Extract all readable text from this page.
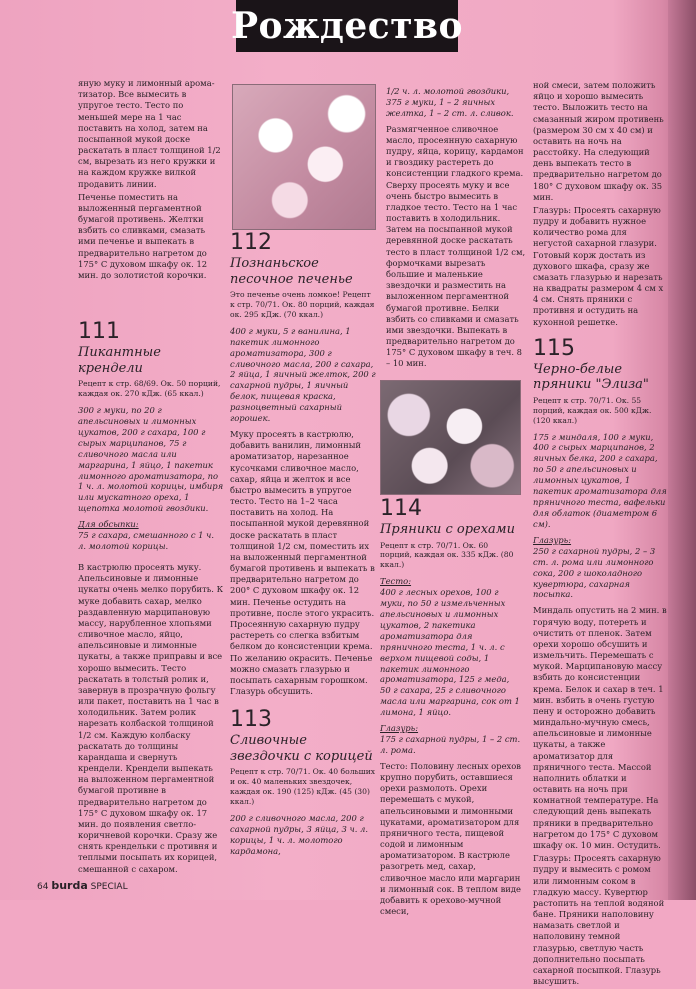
Рождество

яную муку и лимонный аромa-тизатор. Все вымесить в упругое тесто. Тесто по меньшей мере на 1 час поставить на холод, затем на посыпанной мукой доске раскатать в пласт толщиной 1/2 см, вырезать из него кружки и на каждом кружке вилкой продавить линии.

Печенье поместить на выложенный пергаментной бумагой противень. Желтки взбить со сливками, смазать ими печенье и выпекать в предварительно нагретом до 175° С духовом шкафу ок. 12 мин. до золотистой корочки.

111
Пикантные крендели
Рецепт к стр. 68/69. Ок. 50 порций, каждая ок. 270 кДж. (65 ккал.)
300 г муки, по 20 г апельсиновых и лимонных цукатов, 200 г сахара, 100 г сырых марципанов, 75 г сливочного масла или маргарина, 1 яйцо, 1 пакетик лимонного ароматизатора, по 1 ч. л. молотой корицы, имбиря или мускатного ореха, 1 щепотка молотой гвоздики.
Для обсыпки:
75 г сахара, смешанного с 1 ч. л. молотой корицы.

В кастрюлю просеять муку. Апельсиновые и лимонные цукаты очень мелко порубить. К муке добавить сахар, мелко раздавленную марципановую массу, нарубленное хлопьями сливочное масло, яйцо, апельсиновые и лимонные цукаты, а также приправы и все хорошо вымесить. Тесто раскатать в толстый ролик и, завернув в прозрачную фольгу или пакет, поставить на 1 час в холодильник. Затем ролик нарезать колбаской толщиной 1/2 см. Каждую колбаску раскатать до толщины карандаша и свернуть крендели. Крендели выпекать на выложенном пергаментной бумагой противне в предварительно нагретом до 175° С духовом шкафу ок. 17 мин. до появления светло-коричневой корочки. Сразу же снять крендельки с противня и теплыми посыпать их корицей, смешанной с сахаром.

112
Познаньское песочное печенье
Это печенье очень ломкое! Рецепт к стр. 70/71. Ок. 80 порций, каждая ок. 295 кДж. (70 ккал.)
400 г муки, 5 г ванилина, 1 пакетик лимонного ароматизатора, 300 г сливочного масла, 200 г сахара, 2 яйца, 1 яичный желток, 200 г сахарной пудры, 1 яичный белок, пищевая краска, разноцветный сахарный горошек.

Муку просеять в кастрюлю, добавить ванилин, лимонный ароматизатор, нарезанное кусочками сливочное масло, сахар, яйца и желток и все быстро вымесить в упругое тесто. Тесто на 1–2 часа поставить на холод. На посыпанной мукой деревянной доске раскатать в пласт толщиной 1/2 см, поместить их на выложенный пергаментной бумагой противень и выпекать в предварительно нагретом до 200° С духовом шкафу ок. 12 мин. Печенье остудить на противне, после этого украсить. Просеянную сахарную пудру растереть со слегка взбитым белком до консистенции крема. По желанию окрасить. Печенье можно смазать глазурью и посыпать сахарным горошком. Глазурь обсушить.

113
Сливочные звездочки с корицей
Рецепт к стр. 70/71. Ок. 40 больших и ок. 40 маленьких звездочек, каждая ок. 190 (125) кДж. (45 (30) ккал.)
200 г сливочного масла, 200 г сахарной пудры, 3 яйца, 3 ч. л. корицы, 1 ч. л. молотого кардамона,
1/2 ч. л. молотой гвоздики, 375 г муки, 1 – 2 яичных желтка, 1 – 2 ст. л. сливок.

Размягченное сливочное масло, просеянную сахарную пудру, яйца, корицу, кардамон и гвоздику растереть до консистенции гладкого крема. Сверху просеять муку и все очень быстро вымесить в гладкое тесто. Тесто на 1 час поставить в холодильник. Затем на посыпанной мукой деревянной доске раскатать тесто в пласт толщиной 1/2 см, формочками вырезать большие и маленькие звездочки и разместить на выложенном пергаментной бумагой противне. Белки взбить со сливками и смазать ими звездочки. Выпекать в предварительно нагретом до 175° С духовом шкафу в теч. 8 – 10 мин.

114
Пряники с орехами
Рецепт к стр. 70/71. Ок. 60 порций, каждая ок. 335 кДж. (80 ккал.)
Тесто:
400 г лесных орехов, 100 г муки, по 50 г измельченных апельсиновых и лимонных цукатов, 2 пакетика ароматизатора для пряничного теста, 1 ч. л. с верхом пищевой соды, 1 пакетик лимонного ароматизатора, 125 г меда, 50 г сахара, 25 г сливочного масла или маргарина, сок от 1 лимона, 1 яйцо.
Глазурь:
175 г сахарной пудры, 1 – 2 ст. л. рома.

Тесто: Половину лесных орехов крупно порубить, оставшиеся орехи размолоть. Орехи перемешать с мукой, апельсиновыми и лимонными цукатами, ароматизатором для пряничного теста, пищевой содой и лимонным ароматизатором. В кастрюле разогреть мед, сахар, сливочное масло или маргарин и лимонный сок. В теплом виде добавить к орехово-мучной смеси,

ной смеси, затем положить яйцо и хорошо вымесить тесто. Выложить тесто на смазанный жиром противень (размером 30 см х 40 см) и оставить на ночь на расстойку. На следующий день выпекать тесто в предварительно нагретом до 180° С духовом шкафу ок. 35 мин.

Глазурь: Просеять сахарную пудру и добавить нужное количество рома для негустой сахарной глазури. Готовый корж достать из духового шкафа, сразу же смазать глазурью и нарезать на квадраты размером 4 см х 4 см. Снять пряники с противня и остудить на кухонной решетке.

115
Черно-белые пряники "Элиза"
Рецепт к стр. 70/71. Ок. 55 порций, каждая ок. 500 кДж. (120 ккал.)
175 г миндаля, 100 г муки, 400 г сырых марципанов, 2 яичных белка, 200 г сахара, по 50 г апельсиновых и лимонных цукатов, 1 пакетик ароматизатора для пряничного теста, вафельки для облаток (диаметром 6 см).
Глазурь:
250 г сахарной пудры, 2 – 3 ст. л. рома или лимонного сока, 200 г шоколадного кувертюра, сахарная посыпка.

Миндаль опустить на 2 мин. в горячую воду, потереть и очистить от пленок. Затем орехи хорошо обсушить и измельчить. Перемешать с мукой. Марципановую массу взбить до консистенции крема. Белок и сахар в теч. 1 мин. взбить в очень густую пену и осторожно добавить миндально-мучную смесь, апельсиновые и лимонные цукаты, а также ароматизатор для пряничного теста. Массой наполнить облатки и оставить на ночь при комнатной температуре. На следующий день выпекать пряники в предварительно нагретом до 175° С духовом шкафу ок. 10 мин. Остудить.

Глазурь: Просеять сахарную пудру и вымесить с ромом или лимонным соком в гладкую массу. Кувертюр растопить на теплой водяной бане. Пряники наполовину намазать светлой и наполовину темной глазурью, светлую часть дополнительно посыпать сахарной посыпкой. Глазурь высушить.

64 burda SPECIAL
